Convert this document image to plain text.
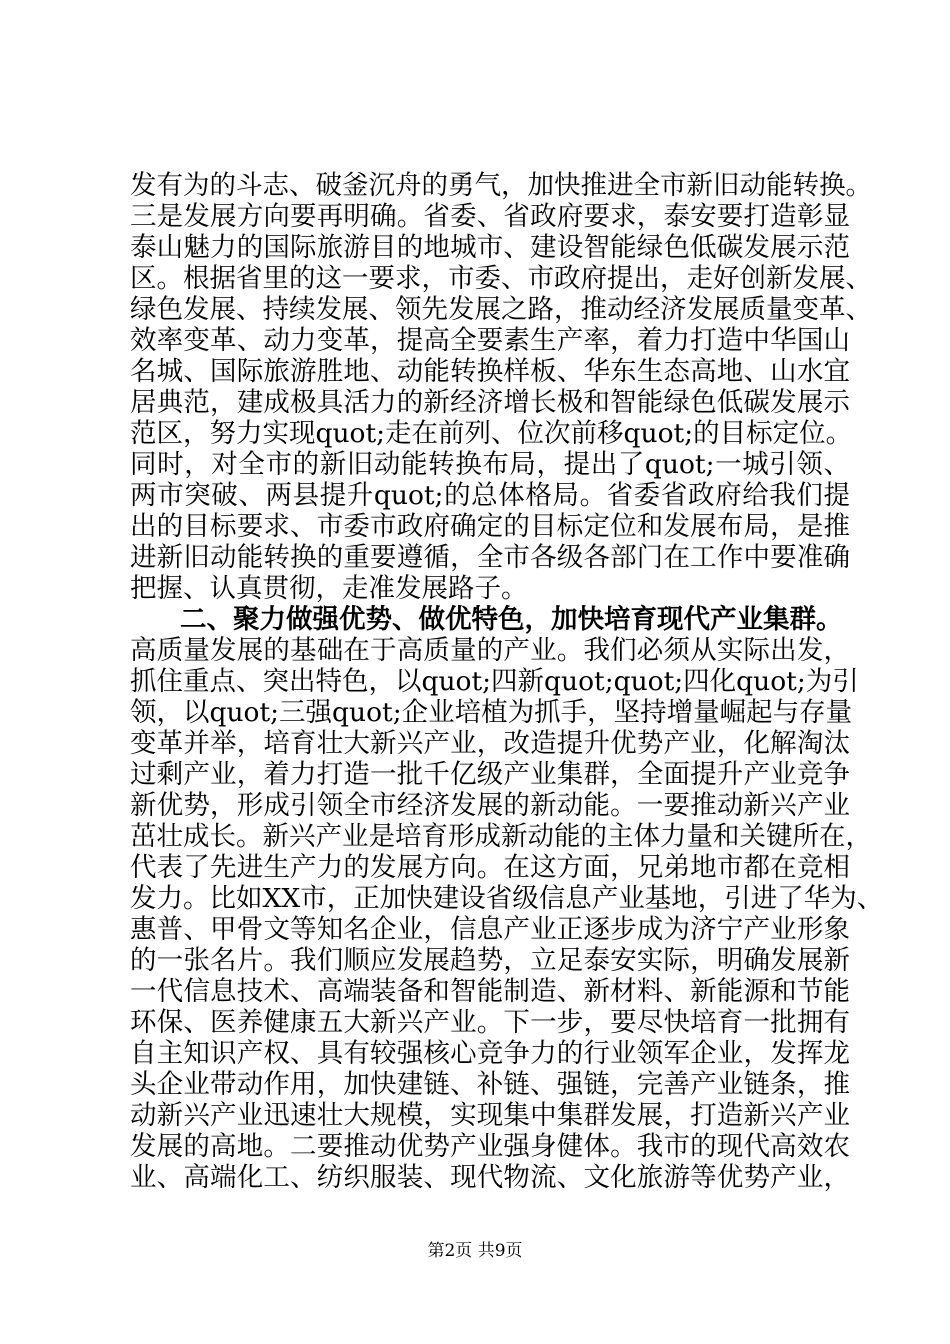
发有为的斗志、破釜沉舟的勇气，加快推进全市新旧动能转换。
三是发展方向要再明确。省委、省政府要求，泰安要打造彰显
泰山魅力的国际旅游目的地城市、建设智能绿色低碳发展示范
区。根据省里的这一要求，市委、市政府提出，走好创新发展、
绿色发展、持续发展、领先发展之路，推动经济发展质量变革、
效率变革、动力变革，提高全要素生产率，着力打造中华国山
名城、国际旅游胜地、动能转换样板、华东生态高地、山水宜
居典范，建成极具活力的新经济增长极和智能绿色低碳发展示
范区，努力实现quot;走在前列、位次前移quot;的目标定位。
同时，对全市的新旧动能转换布局，提出了quot;一城引领、
两市突破、两县提升quot;的总体格局。省委省政府给我们提
出的目标要求、市委市政府确定的目标定位和发展布局，是推
进新旧动能转换的重要遵循，全市各级各部门在工作中要准确
把握、认真贯彻，走准发展路子。
二、聚力做强优势、做优特色，加快培育现代产业集群。
高质量发展的基础在于高质量的产业。我们必须从实际出发，
抓住重点、突出特色，以quot;四新quot;quot;四化quot;为引
领，以quot;三强quot;企业培植为抓手，坚持增量崛起与存量
变革并举，培育壮大新兴产业，改造提升优势产业，化解淘汰
过剩产业，着力打造一批千亿级产业集群，全面提升产业竞争
新优势，形成引领全市经济发展的新动能。一要推动新兴产业
茁壮成长。新兴产业是培育形成新动能的主体力量和关键所在，
代表了先进生产力的发展方向。在这方面，兄弟地市都在竞相
发力。比如XX市，正加快建设省级信息产业基地，引进了华为、
惠普、甲骨文等知名企业，信息产业正逐步成为济宁产业形象
的一张名片。我们顺应发展趋势，立足泰安实际，明确发展新
一代信息技术、高端装备和智能制造、新材料、新能源和节能
环保、医养健康五大新兴产业。下一步，要尽快培育一批拥有
自主知识产权、具有较强核心竞争力的行业领军企业，发挥龙
头企业带动作用，加快建链、补链、强链，完善产业链条，推
动新兴产业迅速壮大规模，实现集中集群发展，打造新兴产业
发展的高地。二要推动优势产业强身健体。我市的现代高效农
业、高端化工、纺织服装、现代物流、文化旅游等优势产业，
第2页 共9页
